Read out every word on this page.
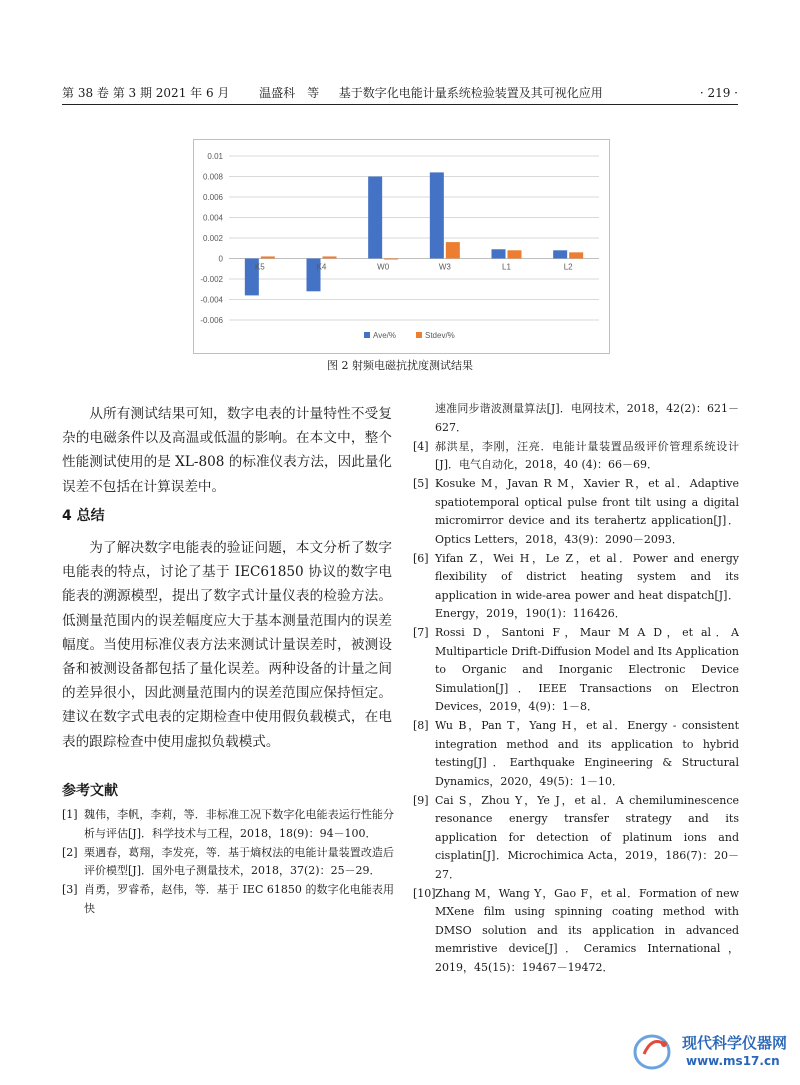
第 38 卷 第 3 期 2021 年 6 月 温盛科　等 基于数字化电能计量系统检验装置及其可视化应用	· 219 ·
0.01
0.008
0.006
0.004
0.002
0
-0.002
-0.004
-0.006
K5	K4	W0	W3	L1	L2
Ave/%	Stdev/%
图 2 射频电磁抗扰度测试结果

从所有测试结果可知，数字电表的计量特性不受复杂的电磁条件以及高温或低温的影响。在本文中，整个性能测试使用的是 XL-808 的标准仪表方法，因此量化误差不包括在计算误差中。

4 总结

为了解决数字电能表的验证问题，本文分析了数字电能表的特点，讨论了基于 IEC61850 协议的数字电能表的溯源模型，提出了数字式计量仪表的检验方法。低测量范围内的误差幅度应大于基本测量范围内的误差幅度。当使用标准仪表方法来测试计量误差时，被测设备和被测设备都包括了量化误差。两种设备的计量之间的差异很小，因此测量范围内的误差范围应保持恒定。建议在数字式电表的定期检查中使用假负载模式，在电表的跟踪检查中使用虚拟负载模式。

参考文献
[1] 魏伟，李帆，李莉，等．非标准工况下数字化电能表运行性能分析与评估[J]．科学技术与工程，2018，18(9)：94－100．
[2] 栗遇春，葛翔，李发亮，等．基于熵权法的电能计量装置改造后评价模型[J]．国外电子测量技术，2018，37(2)：25－29．
[3] 肖勇，罗睿希，赵伟，等．基于 IEC 61850 的数字化电能表用快
速准同步谐波测量算法[J]．电网技术，2018，42(2)：621－627．
[4] 郝洪星，李刚，汪亮．电能计量装置品级评价管理系统设计[J]．电气自动化，2018，40 (4)：66－69．
[5] Kosuke M，Javan R M，Xavier R，et al．Adaptive spatiotemporal optical pulse front tilt using a digital micromirror device and its terahertz application[J]．Optics Letters，2018，43(9)：2090－2093．
[6] Yifan Z，Wei H，Le Z，et al．Power and energy flexibility of district heating system and its application in wide-area power and heat dispatch[J]．Energy，2019，190(1)：116426．
[7] Rossi D，Santoni F，Maur M A D，et al．A Multiparticle Drift-Diffusion Model and Its Application to Organic and Inorganic Electronic Device Simulation[J]．IEEE Transactions on Electron Devices，2019，4(9)：1－8．
[8] Wu B，Pan T，Yang H，et al．Energy - consistent integration method and its application to hybrid testing[J]．Earthquake Engineering & Structural Dynamics，2020，49(5)：1－10．
[9] Cai S，Zhou Y，Ye J，et al．A chemiluminescence resonance energy transfer strategy and its application for detection of platinum ions and cisplatin[J]．Microchimica Acta，2019，186(7)：20－27．
[10] Zhang M，Wang Y，Gao F，et al．Formation of new MXene film using spinning coating method with DMSO solution and its application in advanced memristive device[J]．Ceramics International，2019，45(15)：19467－19472．
现代科学仪器网
www.ms17.cn
